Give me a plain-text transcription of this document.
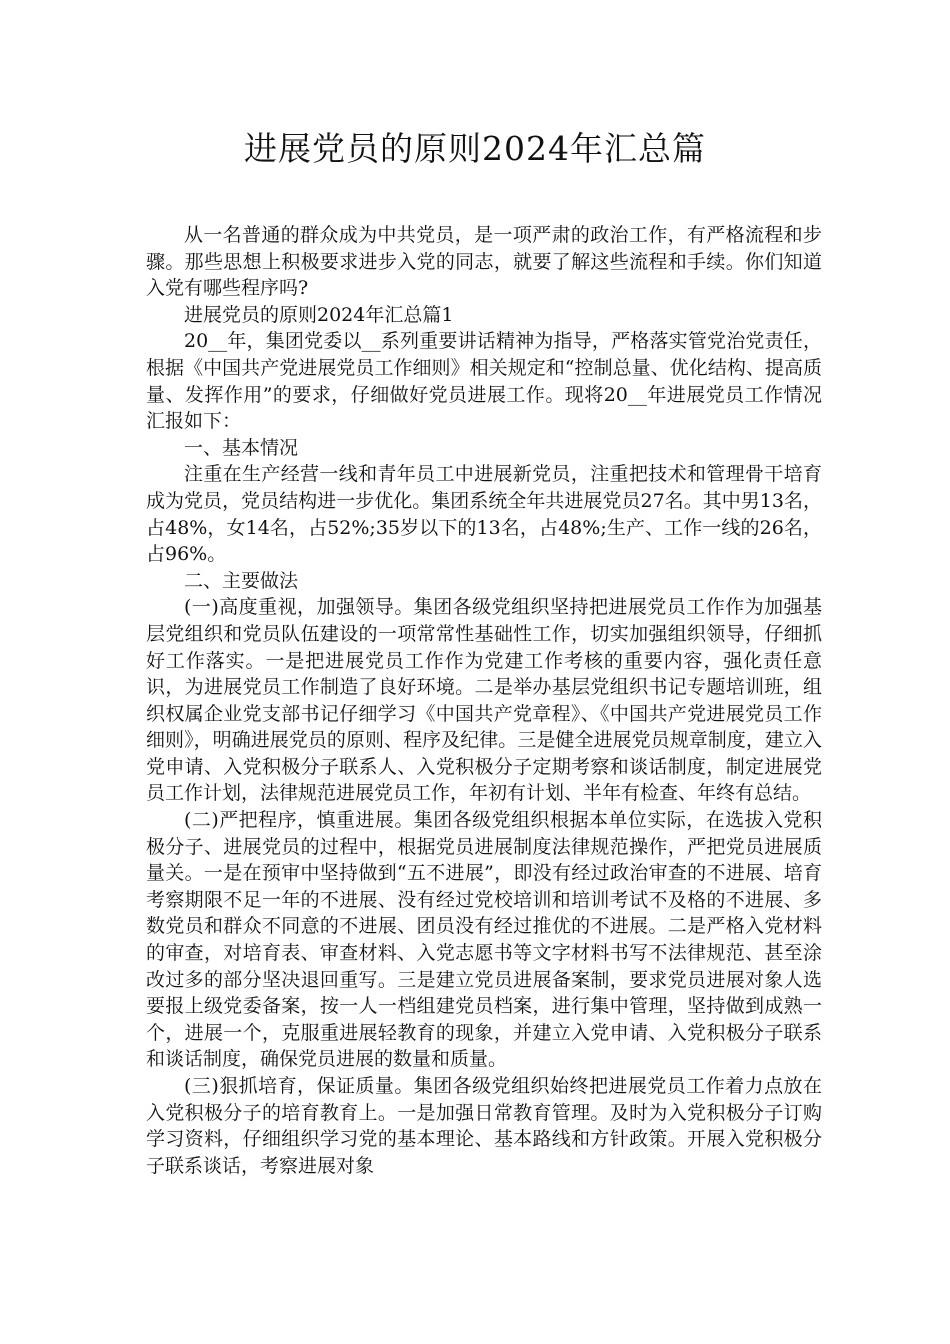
进展党员的原则2024年汇总篇

从一名普通的群众成为中共党员，是一项严肃的政治工作，有严格流程和步骤。那些思想上积极要求进步入党的同志，就要了解这些流程和手续。你们知道入党有哪些程序吗?

进展党员的原则2024年汇总篇1

20__年，集团党委以__系列重要讲话精神为指导，严格落实管党治党责任，根据《中国共产党进展党员工作细则》相关规定和“控制总量、优化结构、提高质量、发挥作用”的要求，仔细做好党员进展工作。现将20__年进展党员工作情况汇报如下：

一、基本情况

注重在生产经营一线和青年员工中进展新党员，注重把技术和管理骨干培育成为党员，党员结构进一步优化。集团系统全年共进展党员27名。其中男13名，占48%，女14名，占52%;35岁以下的13名，占48%;生产、工作一线的26名，占96%。

二、主要做法

(一)高度重视，加强领导。集团各级党组织坚持把进展党员工作作为加强基层党组织和党员队伍建设的一项常常性基础性工作，切实加强组织领导，仔细抓好工作落实。一是把进展党员工作作为党建工作考核的重要内容，强化责任意识，为进展党员工作制造了良好环境。二是举办基层党组织书记专题培训班，组织权属企业党支部书记仔细学习《中国共产党章程》、《中国共产党进展党员工作细则》，明确进展党员的原则、程序及纪律。三是健全进展党员规章制度，建立入党申请、入党积极分子联系人、入党积极分子定期考察和谈话制度，制定进展党员工作计划，法律规范进展党员工作，年初有计划、半年有检查、年终有总结。

(二)严把程序，慎重进展。集团各级党组织根据本单位实际，在选拔入党积极分子、进展党员的过程中，根据党员进展制度法律规范操作，严把党员进展质量关。一是在预审中坚持做到“五不进展”，即没有经过政治审查的不进展、培育考察期限不足一年的不进展、没有经过党校培训和培训考试不及格的不进展、多数党员和群众不同意的不进展、团员没有经过推优的不进展。二是严格入党材料的审查，对培育表、审查材料、入党志愿书等文字材料书写不法律规范、甚至涂改过多的部分坚决退回重写。三是建立党员进展备案制，要求党员进展对象人选要报上级党委备案，按一人一档组建党员档案，进行集中管理，坚持做到成熟一个，进展一个，克服重进展轻教育的现象，并建立入党申请、入党积极分子联系和谈话制度，确保党员进展的数量和质量。

(三)狠抓培育，保证质量。集团各级党组织始终把进展党员工作着力点放在入党积极分子的培育教育上。一是加强日常教育管理。及时为入党积极分子订购学习资料，仔细组织学习党的基本理论、基本路线和方针政策。开展入党积极分子联系谈话，考察进展对象
